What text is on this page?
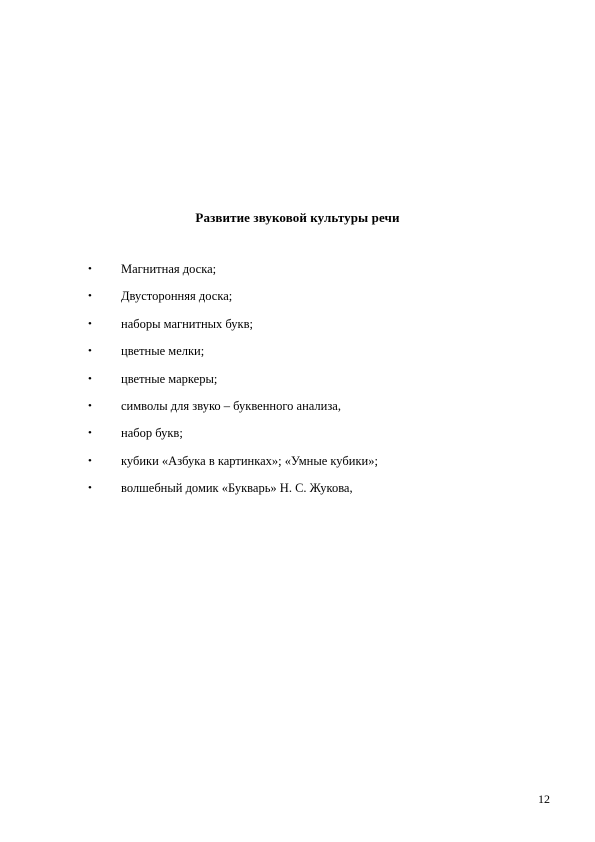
Развитие звуковой культуры речи
• Магнитная доска;
• Двусторонняя доска;
• наборы магнитных букв;
• цветные мелки;
• цветные маркеры;
• символы для звуко – буквенного анализа,
• набор букв;
• кубики «Азбука в картинках»; «Умные кубики»;
• волшебный домик «Букварь» Н. С. Жукова,
12
